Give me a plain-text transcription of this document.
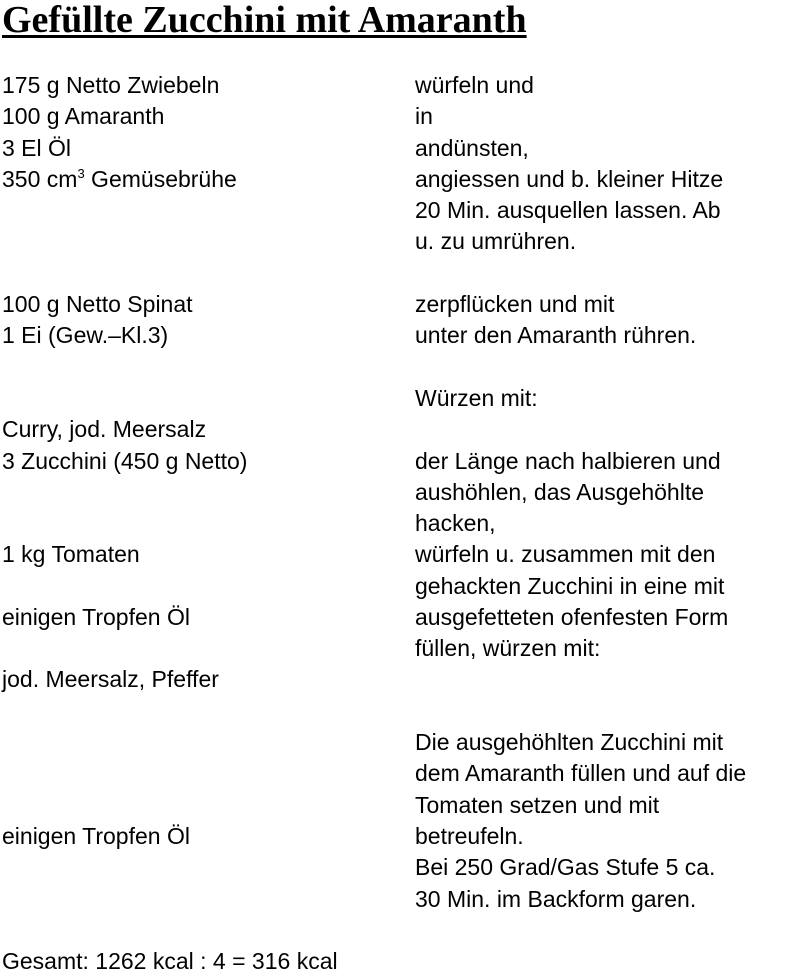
Gefüllte Zucchini mit Amaranth
175 g Netto Zwiebeln
100 g Amaranth
3 El Öl
350 $cm^3$ Gemüsebrühe
100 g Netto Spinat
1 Ei (Gew.–Kl.3)
Curry, jod. Meersalz
3 Zucchini (450 g Netto)
1 kg Tomaten
einigen Tropfen Öl
jod. Meersalz, Pfeffer
einigen Tropfen Öl
würfeln und
in
andünsten,
angiessen und b. kleiner Hitze
20 Min. ausquellen lassen. Ab
u. zu umrühren.
zerpflücken und mit
unter den Amaranth rühren.
Würzen mit:
der Länge nach halbieren und
aushöhlen, das Ausgehöhlte
hacken,
würfeln u. zusammen mit den
gehackten Zucchini in eine mit
ausgefetteten ofenfesten Form
füllen, würzen mit:
Die ausgehöhlten Zucchini mit
dem Amaranth füllen und auf die
Tomaten setzen und mit
betreufeln.
Bei 250 Grad/Gas Stufe 5 ca.
30 Min. im Backform garen.
Gesamt: 1262 kcal : 4 = 316 kcal
